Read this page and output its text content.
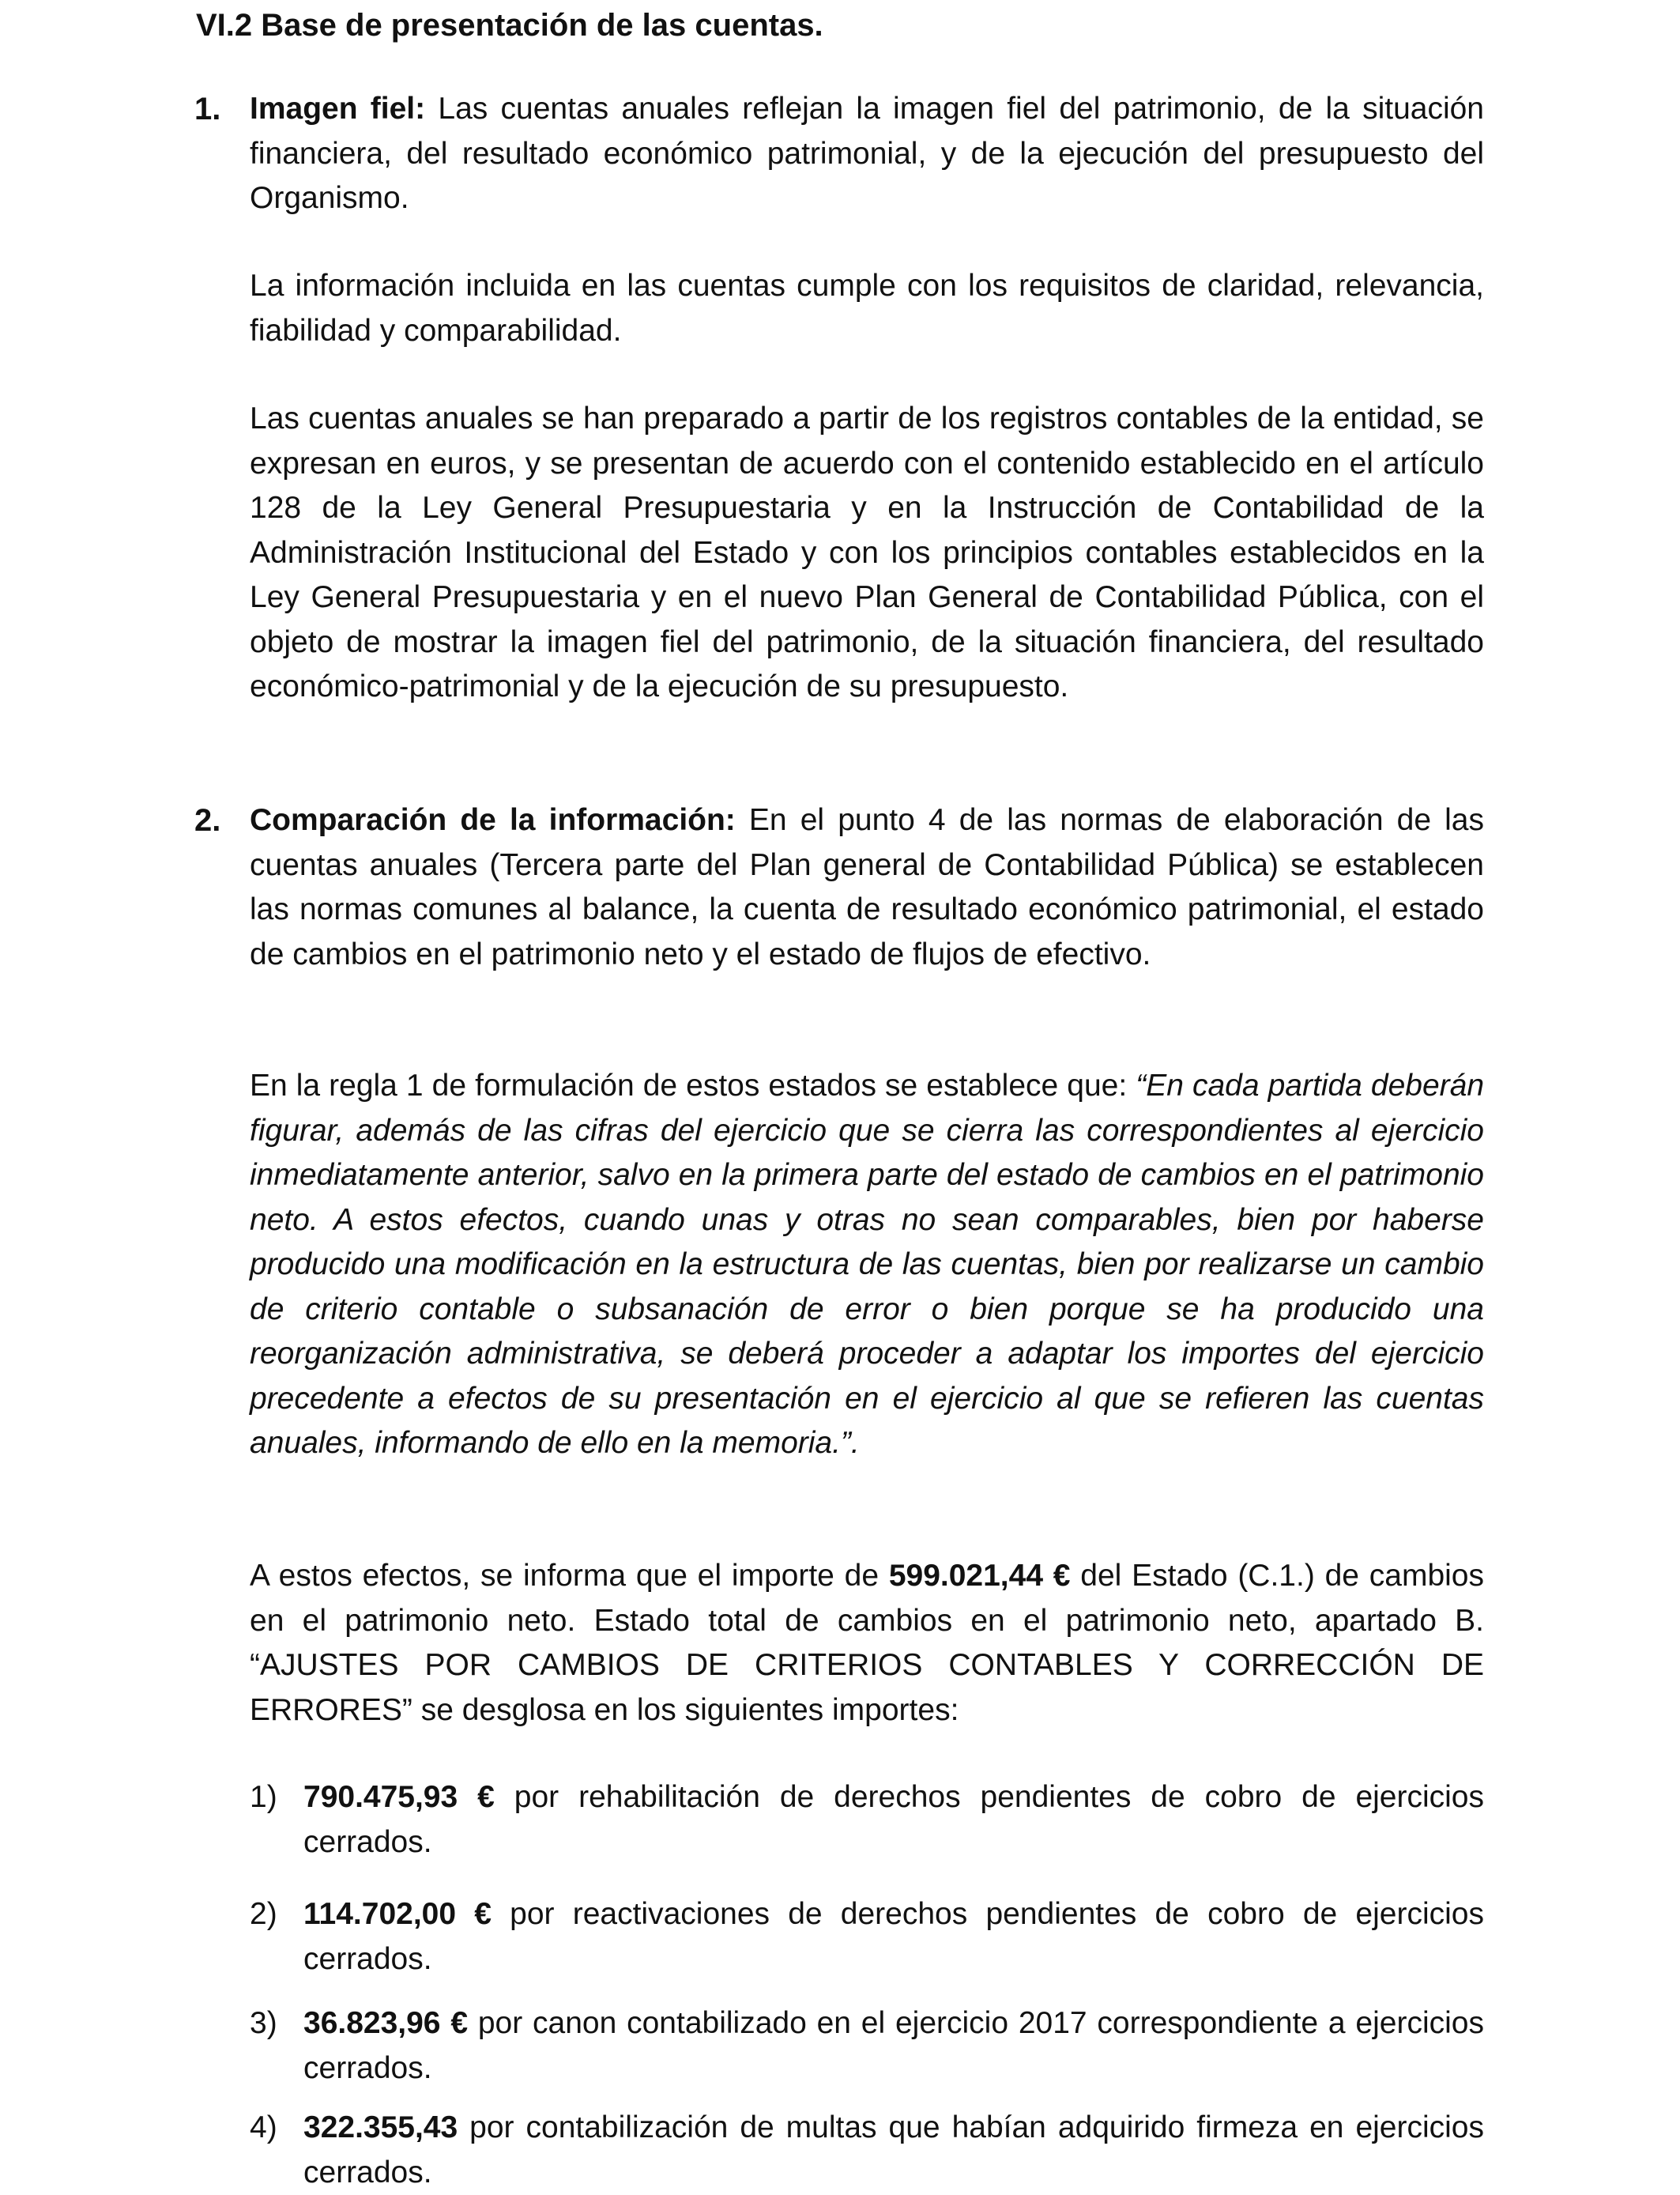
VI.2 Base de presentación de las cuentas.
1. Imagen fiel: Las cuentas anuales reflejan la imagen fiel del patrimonio, de la situación financiera, del resultado económico patrimonial, y de la ejecución del presupuesto del Organismo.

La información incluida en las cuentas cumple con los requisitos de claridad, relevancia, fiabilidad y comparabilidad.

Las cuentas anuales se han preparado a partir de los registros contables de la entidad, se expresan en euros, y se presentan de acuerdo con el contenido establecido en el artículo 128 de la Ley General Presupuestaria y en la Instrucción de Contabilidad de la Administración Institucional del Estado y con los principios contables establecidos en la Ley General Presupuestaria y en el nuevo Plan General de Contabilidad Pública, con el objeto de mostrar la imagen fiel del patrimonio, de la situación financiera, del resultado económico-patrimonial y de la ejecución de su presupuesto.

2. Comparación de la información: En el punto 4 de las normas de elaboración de las cuentas anuales (Tercera parte del Plan general de Contabilidad Pública) se establecen las normas comunes al balance, la cuenta de resultado económico patrimonial, el estado de cambios en el patrimonio neto y el estado de flujos de efectivo.

En la regla 1 de formulación de estos estados se establece que: “En cada partida deberán figurar, además de las cifras del ejercicio que se cierra las correspondientes al ejercicio inmediatamente anterior, salvo en la primera parte del estado de cambios en el patrimonio neto. A estos efectos, cuando unas y otras no sean comparables, bien por haberse producido una modificación en la estructura de las cuentas, bien por realizarse un cambio de criterio contable o subsanación de error o bien porque se ha producido una reorganización administrativa, se deberá proceder a adaptar los importes del ejercicio precedente a efectos de su presentación en el ejercicio al que se refieren las cuentas anuales, informando de ello en la memoria.”.

A estos efectos, se informa que el importe de 599.021,44 € del Estado (C.1.) de cambios en el patrimonio neto. Estado total de cambios en el patrimonio neto, apartado B. “AJUSTES POR CAMBIOS DE CRITERIOS CONTABLES Y CORRECCIÓN DE ERRORES” se desglosa en los siguientes importes:

1) 790.475,93 € por rehabilitación de derechos pendientes de cobro de ejercicios cerrados.

2) 114.702,00 € por reactivaciones de derechos pendientes de cobro de ejercicios cerrados.

3) 36.823,96 € por canon contabilizado en el ejercicio 2017 correspondiente a ejercicios cerrados.

4) 322.355,43 por contabilización de multas que habían adquirido firmeza en ejercicios cerrados.
